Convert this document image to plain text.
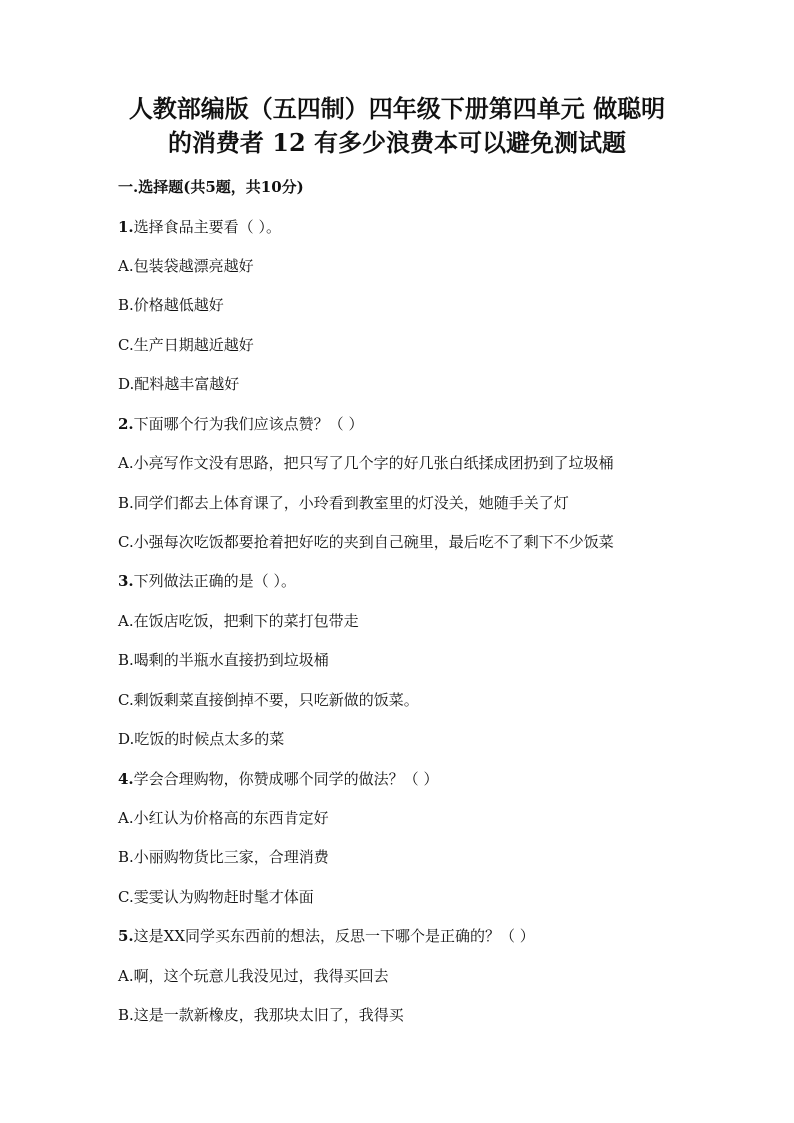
人教部编版（五四制）四年级下册第四单元 做聪明
的消费者 12 有多少浪费本可以避免测试题
一.选择题(共5题，共10分)
1.选择食品主要看（ ）。
A.包装袋越漂亮越好
B.价格越低越好
C.生产日期越近越好
D.配料越丰富越好
2.下面哪个行为我们应该点赞？（ ）
A.小亮写作文没有思路，把只写了几个字的好几张白纸揉成团扔到了垃圾桶
B.同学们都去上体育课了，小玲看到教室里的灯没关，她随手关了灯
C.小强每次吃饭都要抢着把好吃的夹到自己碗里，最后吃不了剩下不少饭菜
3.下列做法正确的是（ ）。
A.在饭店吃饭，把剩下的菜打包带走
B.喝剩的半瓶水直接扔到垃圾桶
C.剩饭剩菜直接倒掉不要，只吃新做的饭菜。
D.吃饭的时候点太多的菜
4.学会合理购物，你赞成哪个同学的做法？（ ）
A.小红认为价格高的东西肯定好
B.小丽购物货比三家，合理消费
C.雯雯认为购物赶时髦才体面
5.这是XX同学买东西前的想法，反思一下哪个是正确的？（ ）
A.啊，这个玩意儿我没见过，我得买回去
B.这是一款新橡皮，我那块太旧了，我得买
